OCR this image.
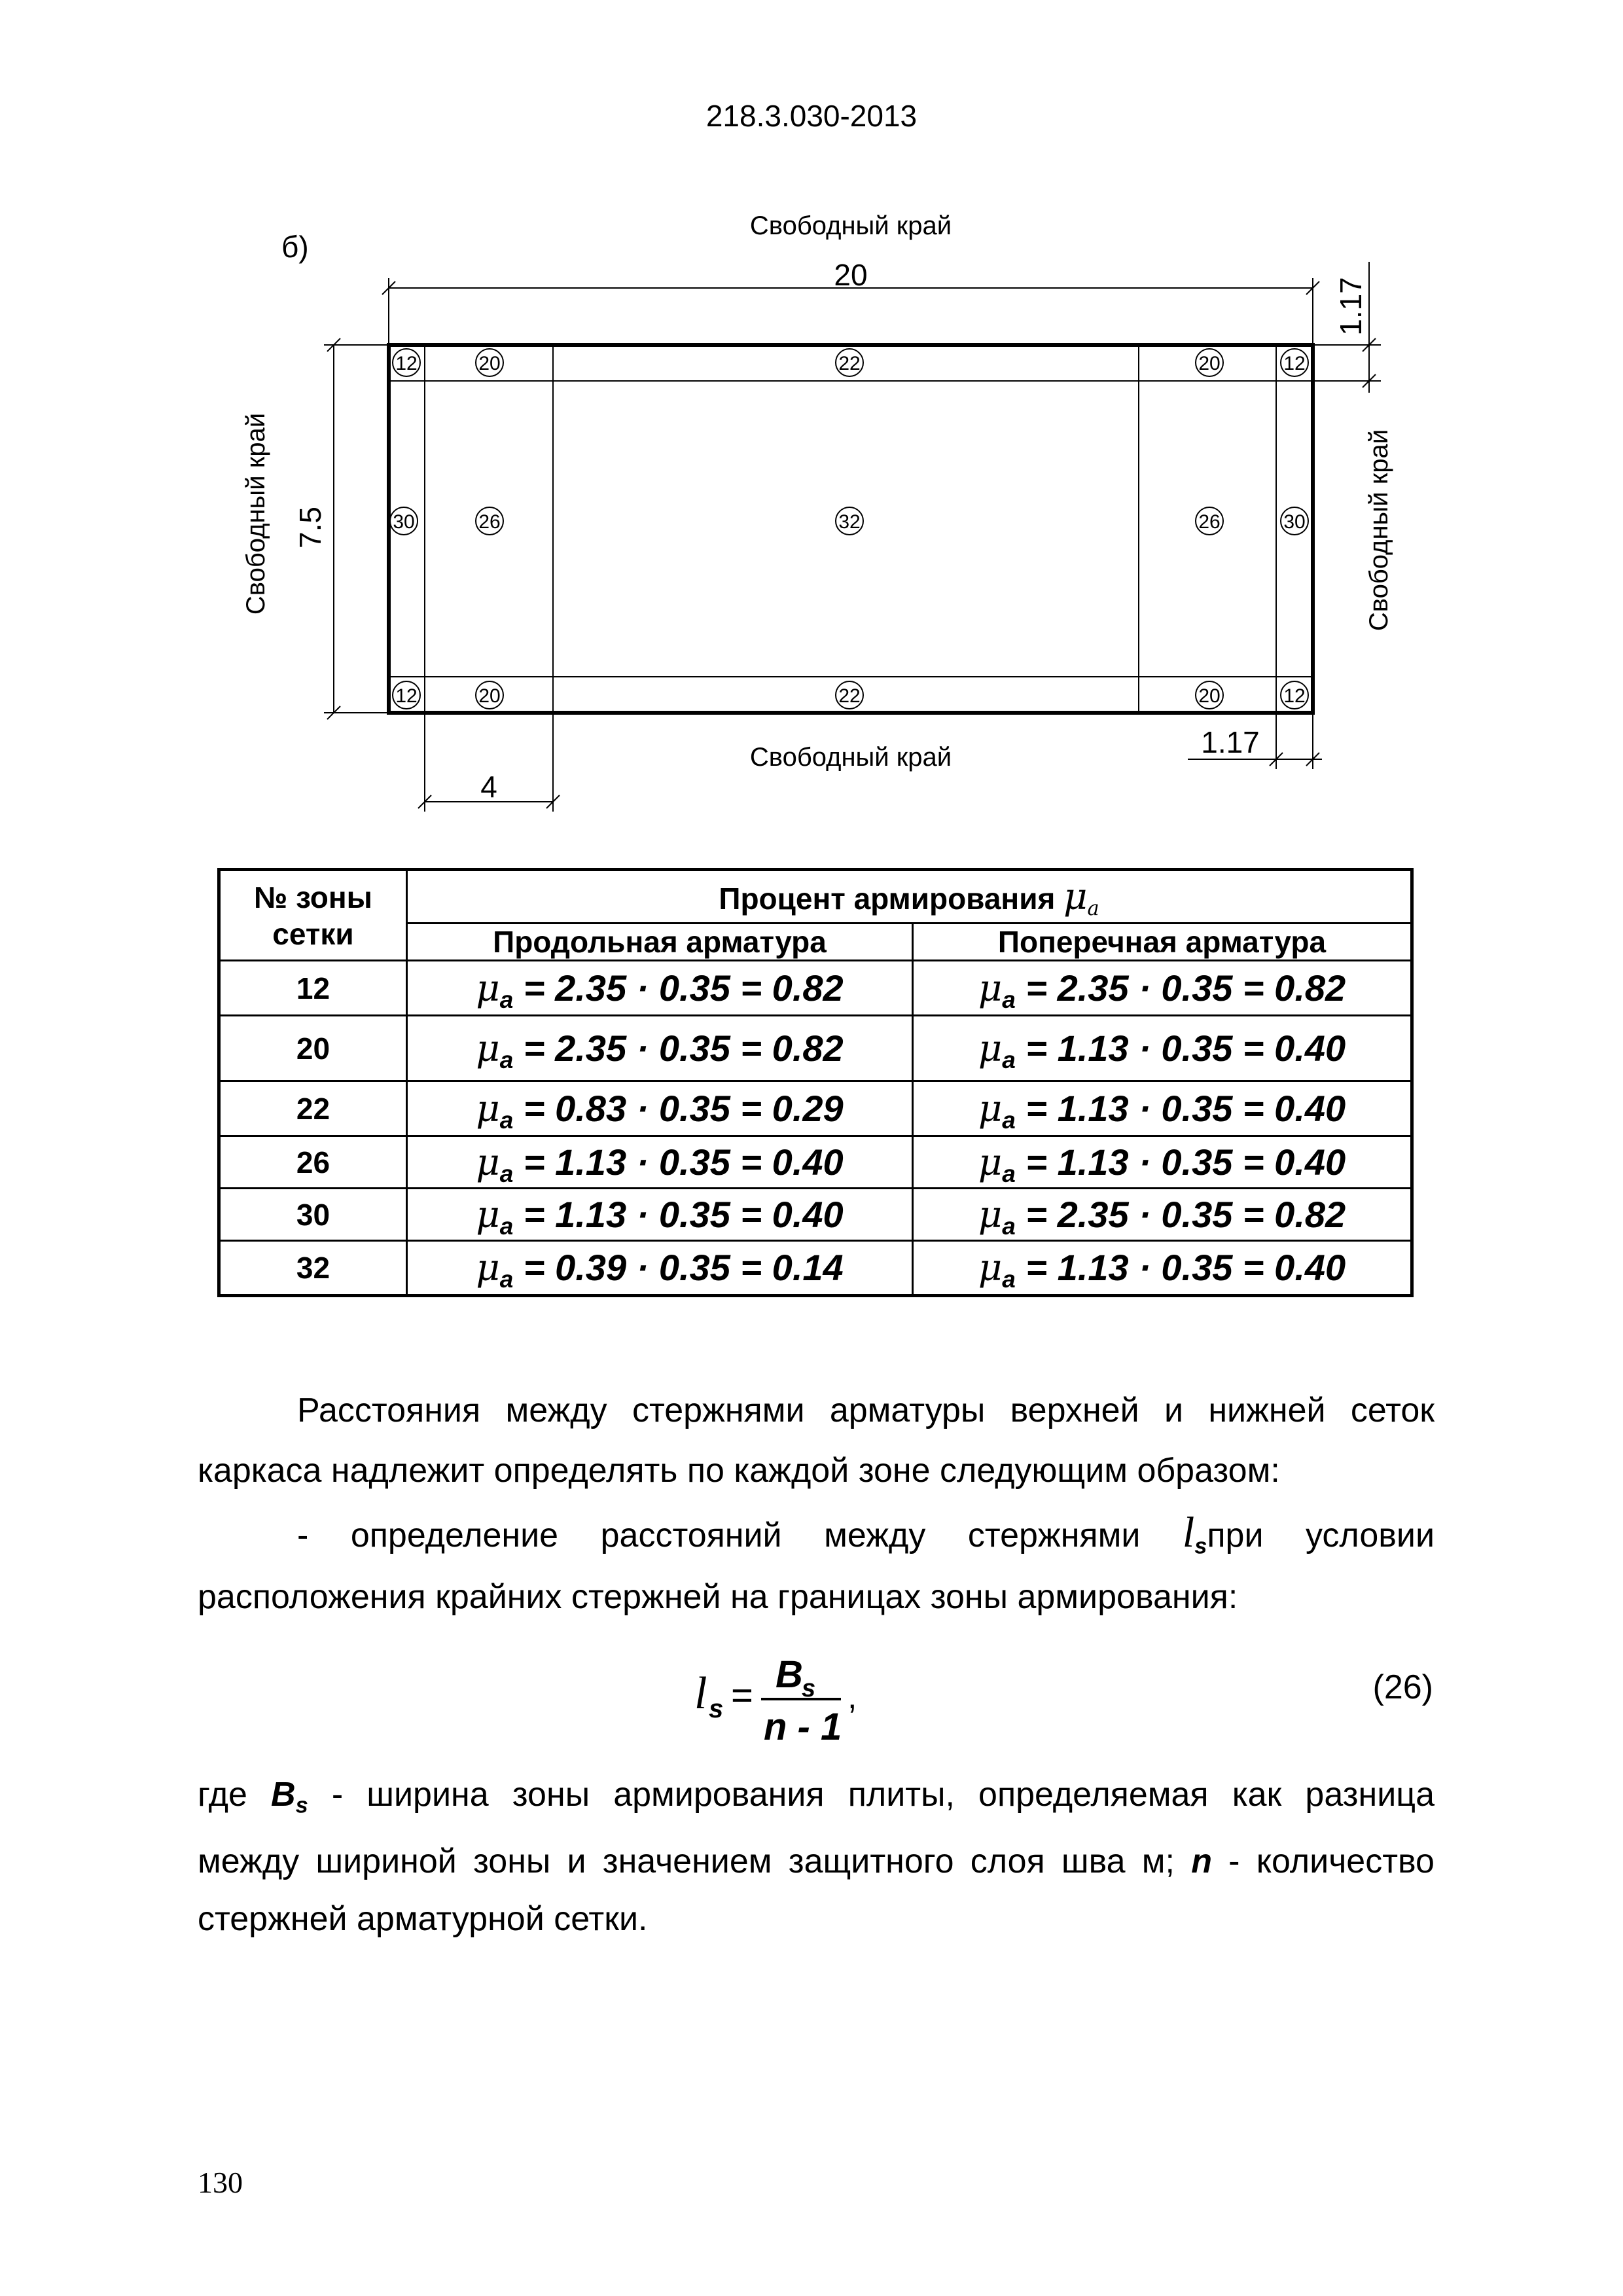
218.3.030-2013
б)
Свободный край
Свободный край
Свободный край	Свободный край
20
7.5
1.17
1.17
4
12	20	22	20	12
30	26	32	26	30
12	20	22	20	12
№ зоны
сетки	Процент армирования $\mu_a$
	Продольная арматура	Поперечная арматура
12	$\mu_a = 2.35 \cdot 0.35 = 0.82$	$\mu_a = 2.35 \cdot 0.35 = 0.82$
20	$\mu_a = 2.35 \cdot 0.35 = 0.82$	$\mu_a = 1.13 \cdot 0.35 = 0.40$
22	$\mu_a = 0.83 \cdot 0.35 = 0.29$	$\mu_a = 1.13 \cdot 0.35 = 0.40$
26	$\mu_a = 1.13 \cdot 0.35 = 0.40$	$\mu_a = 1.13 \cdot 0.35 = 0.40$
30	$\mu_a = 1.13 \cdot 0.35 = 0.40$	$\mu_a = 2.35 \cdot 0.35 = 0.82$
32	$\mu_a = 0.39 \cdot 0.35 = 0.14$	$\mu_a = 1.13 \cdot 0.35 = 0.40$
Расстояния между стержнями арматуры верхней и нижней сеток
каркаса надлежит определять по каждой зоне следующим образом:
- определение расстояний между стержнями $l_sпри$ условии
расположения крайних стержней на границах зоны армирования:
l s = B
s
n - 1
,	(26)
где $B_s$ - ширина зоны армирования плиты, определяемая как разница
между шириной зоны и значением защитного слоя шва м; n - количество
стержней арматурной сетки.
130
